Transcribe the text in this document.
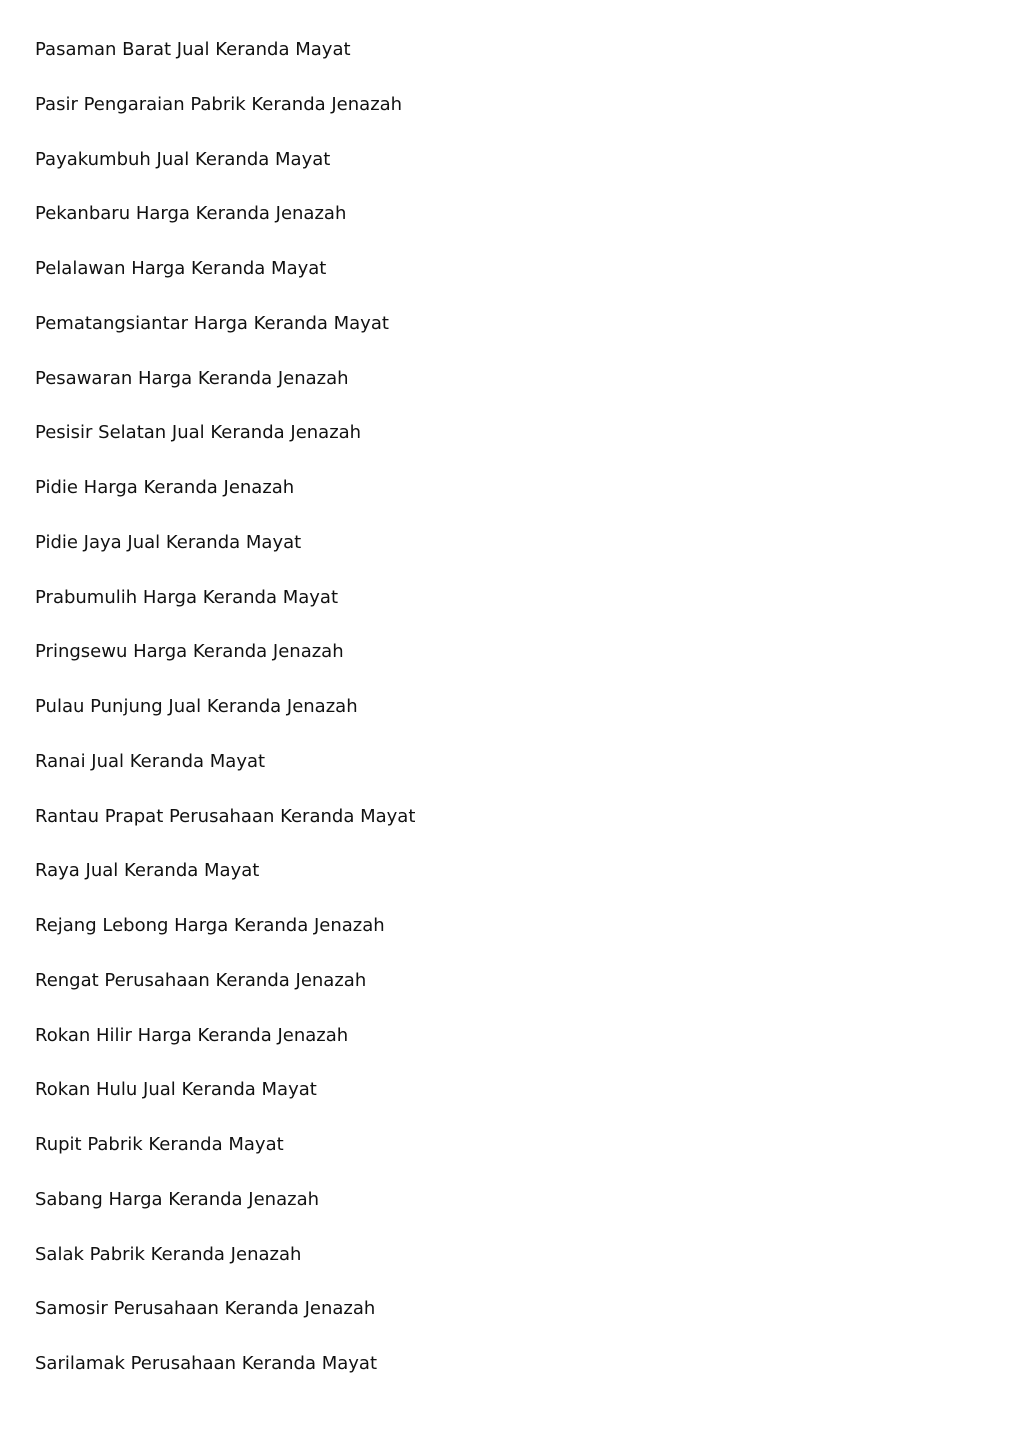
Pasaman Barat Jual Keranda Mayat
Pasir Pengaraian Pabrik Keranda Jenazah
Payakumbuh Jual Keranda Mayat
Pekanbaru Harga Keranda Jenazah
Pelalawan Harga Keranda Mayat
Pematangsiantar Harga Keranda Mayat
Pesawaran Harga Keranda Jenazah
Pesisir Selatan Jual Keranda Jenazah
Pidie Harga Keranda Jenazah
Pidie Jaya Jual Keranda Mayat
Prabumulih Harga Keranda Mayat
Pringsewu Harga Keranda Jenazah
Pulau Punjung Jual Keranda Jenazah
Ranai Jual Keranda Mayat
Rantau Prapat Perusahaan Keranda Mayat
Raya Jual Keranda Mayat
Rejang Lebong Harga Keranda Jenazah
Rengat Perusahaan Keranda Jenazah
Rokan Hilir Harga Keranda Jenazah
Rokan Hulu Jual Keranda Mayat
Rupit Pabrik Keranda Mayat
Sabang Harga Keranda Jenazah
Salak Pabrik Keranda Jenazah
Samosir Perusahaan Keranda Jenazah
Sarilamak Perusahaan Keranda Mayat
